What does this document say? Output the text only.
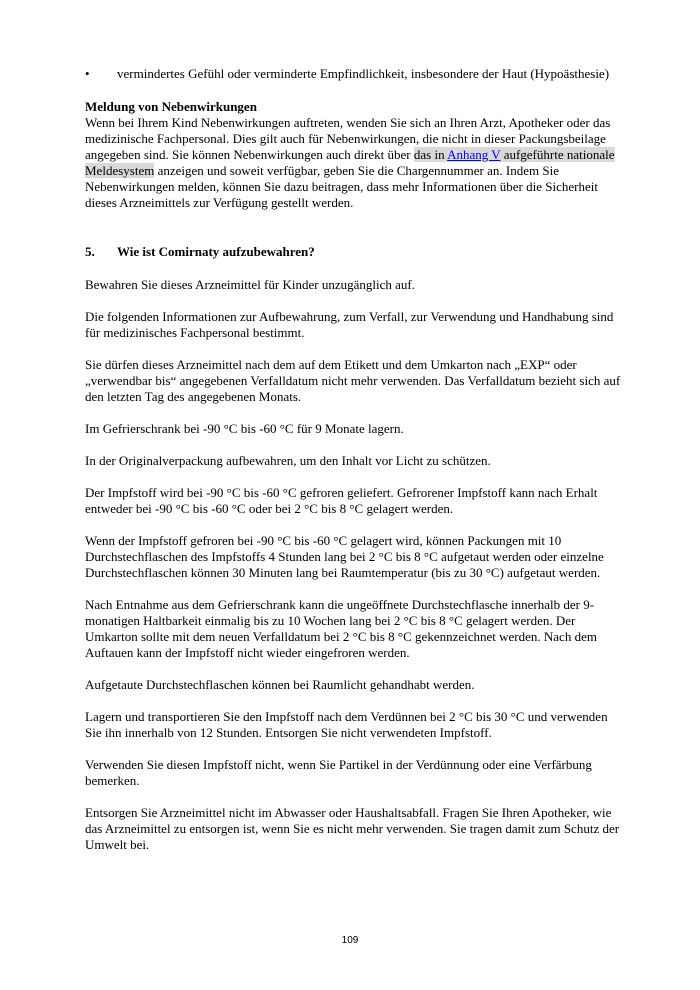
• vermindertes Gefühl oder verminderte Empfindlichkeit, insbesondere der Haut (Hypoästhesie)

Meldung von Nebenwirkungen

Wenn bei Ihrem Kind Nebenwirkungen auftreten, wenden Sie sich an Ihren Arzt, Apotheker oder das medizinische Fachpersonal. Dies gilt auch für Nebenwirkungen, die nicht in dieser Packungsbeilage angegeben sind. Sie können Nebenwirkungen auch direkt über das in Anhang V aufgeführte nationale Meldesystem anzeigen und soweit verfügbar, geben Sie die Chargennummer an. Indem Sie Nebenwirkungen melden, können Sie dazu beitragen, dass mehr Informationen über die Sicherheit dieses Arzneimittels zur Verfügung gestellt werden.

5.	Wie ist Comirnaty aufzubewahren?

Bewahren Sie dieses Arzneimittel für Kinder unzugänglich auf.

Die folgenden Informationen zur Aufbewahrung, zum Verfall, zur Verwendung und Handhabung sind für medizinisches Fachpersonal bestimmt.

Sie dürfen dieses Arzneimittel nach dem auf dem Etikett und dem Umkarton nach „EXP“ oder „verwendbar bis“ angegebenen Verfalldatum nicht mehr verwenden. Das Verfalldatum bezieht sich auf den letzten Tag des angegebenen Monats.

Im Gefrierschrank bei -90 °C bis -60 °C für 9 Monate lagern.

In der Originalverpackung aufbewahren, um den Inhalt vor Licht zu schützen.

Der Impfstoff wird bei -90 °C bis -60 °C gefroren geliefert. Gefrorener Impfstoff kann nach Erhalt entweder bei -90 °C bis -60 °C oder bei 2 °C bis 8 °C gelagert werden.

Wenn der Impfstoff gefroren bei -90 °C bis -60 °C gelagert wird, können Packungen mit 10 Durchstechflaschen des Impfstoffs 4 Stunden lang bei 2 °C bis 8 °C aufgetaut werden oder einzelne Durchstechflaschen können 30 Minuten lang bei Raumtemperatur (bis zu 30 °C) aufgetaut werden.

Nach Entnahme aus dem Gefrierschrank kann die ungeöffnete Durchstechflasche innerhalb der 9-monatigen Haltbarkeit einmalig bis zu 10 Wochen lang bei 2 °C bis 8 °C gelagert werden. Der Umkarton sollte mit dem neuen Verfalldatum bei 2 °C bis 8 °C gekennzeichnet werden. Nach dem Auftauen kann der Impfstoff nicht wieder eingefroren werden.

Aufgetaute Durchstechflaschen können bei Raumlicht gehandhabt werden.

Lagern und transportieren Sie den Impfstoff nach dem Verdünnen bei 2 °C bis 30 °C und verwenden Sie ihn innerhalb von 12 Stunden. Entsorgen Sie nicht verwendeten Impfstoff.

Verwenden Sie diesen Impfstoff nicht, wenn Sie Partikel in der Verdünnung oder eine Verfärbung bemerken.

Entsorgen Sie Arzneimittel nicht im Abwasser oder Haushaltsabfall. Fragen Sie Ihren Apotheker, wie das Arzneimittel zu entsorgen ist, wenn Sie es nicht mehr verwenden. Sie tragen damit zum Schutz der Umwelt bei.

109
